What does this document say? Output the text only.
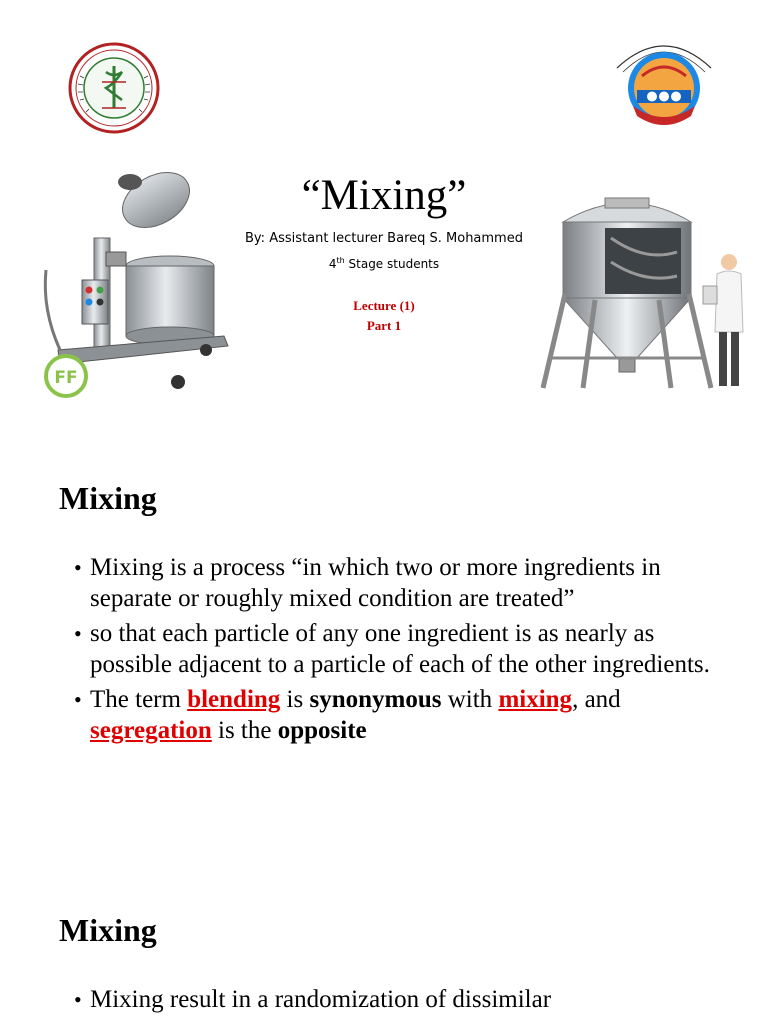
FF
“Mixing”
By: Assistant lecturer Bareq S. Mohammed
4th Stage students
Lecture (1)
Part 1
Mixing
• Mixing is a process “in which two or more ingredients in separate or roughly mixed condition are treated”
• so that each particle of any one ingredient is as nearly as possible adjacent to a particle of each of the other ingredients.
• The term blending is synonymous with mixing, and segregation is the opposite
Mixing
• Mixing result in a randomization of dissimilar
